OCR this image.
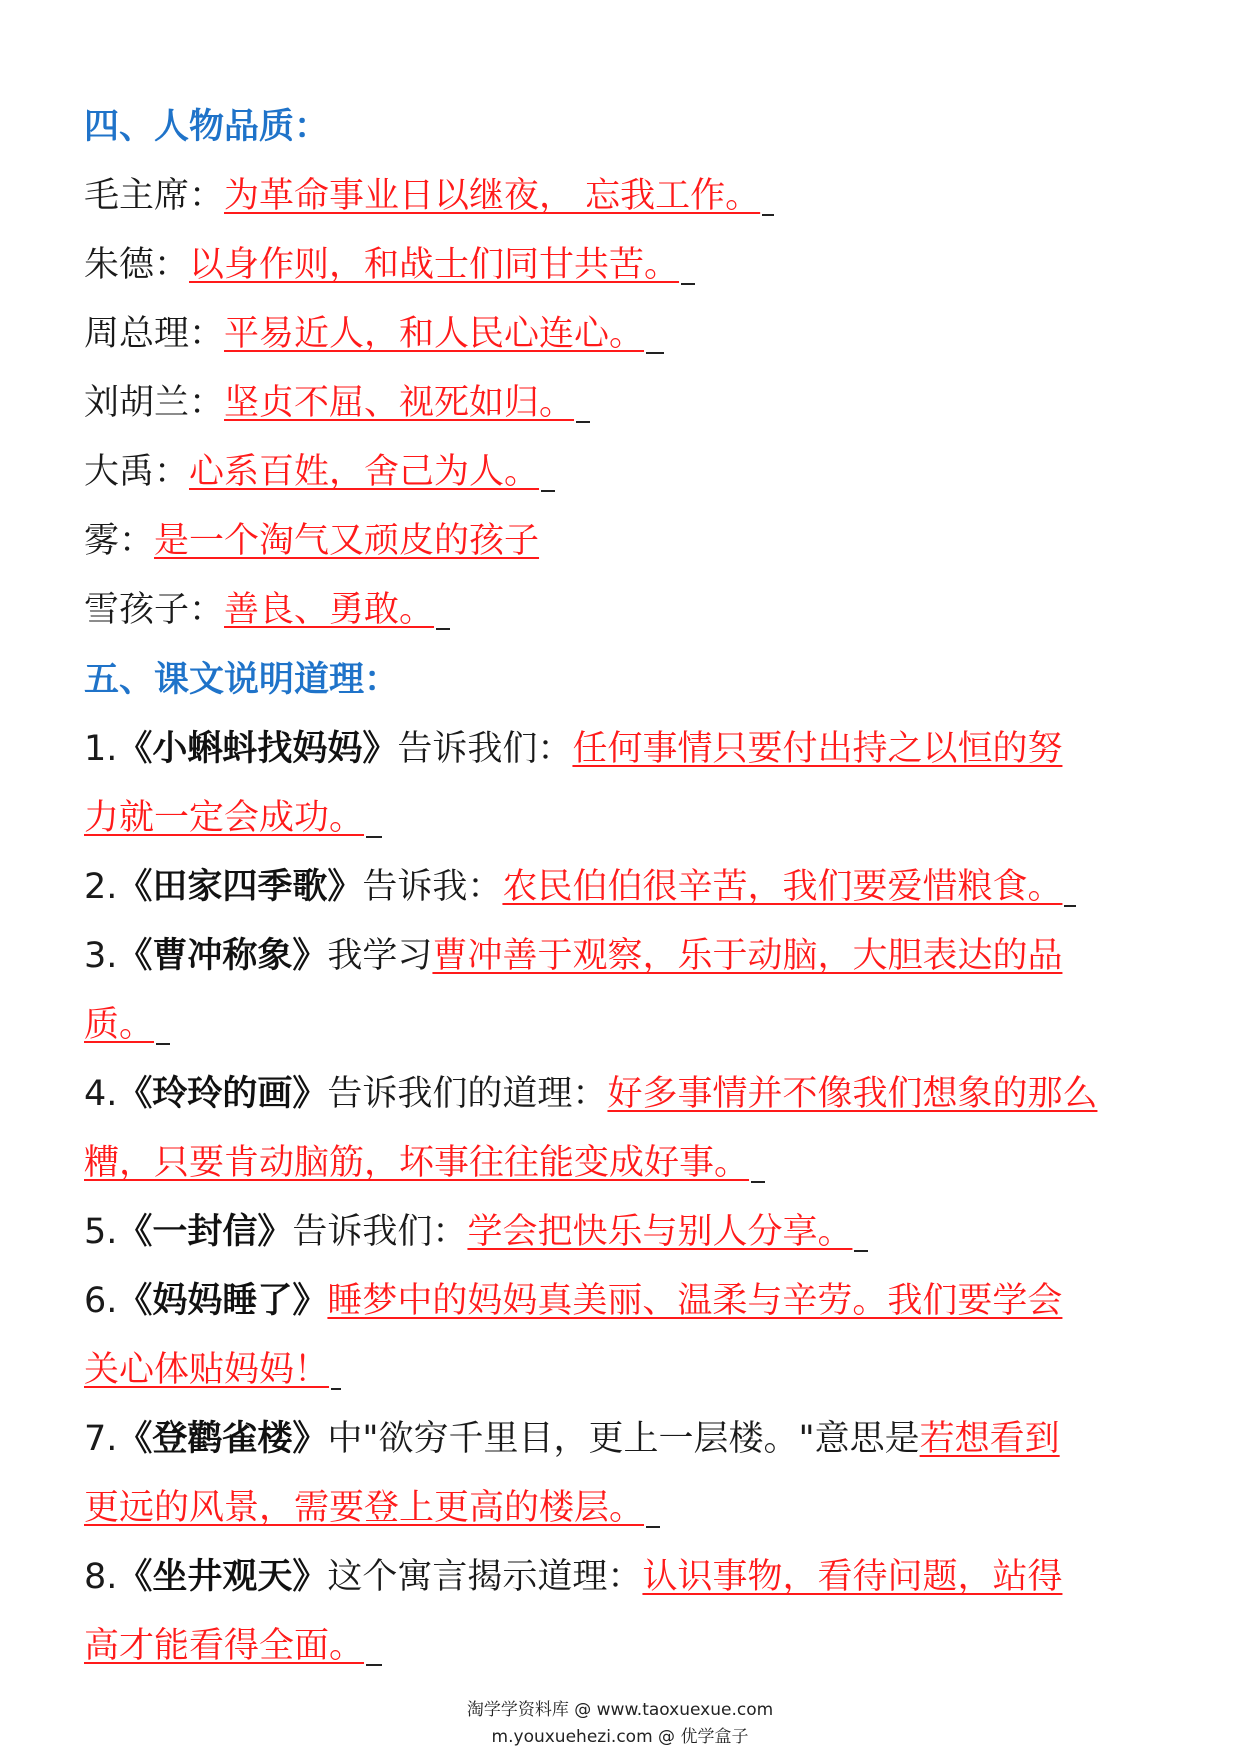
四、人物品质：
毛主席：为革命事业日以继夜， 忘我工作。
朱德：以身作则，和战士们同甘共苦。
周总理：平易近人，和人民心连心。
刘胡兰：坚贞不屈、视死如归。
大禹：心系百姓，舍己为人。
雾：是一个淘气又顽皮的孩子
雪孩子：善良、勇敢。
五、课文说明道理：
1.《小蝌蚪找妈妈》告诉我们：任何事情只要付出持之以恒的努
力就一定会成功。
2.《田家四季歌》告诉我：农民伯伯很辛苦，我们要爱惜粮食。
3.《曹冲称象》我学习曹冲善于观察，乐于动脑，大胆表达的品
质。
4.《玲玲的画》告诉我们的道理：好多事情并不像我们想象的那么
糟，只要肯动脑筋，坏事往往能变成好事。
5.《一封信》告诉我们：学会把快乐与别人分享。
6.《妈妈睡了》睡梦中的妈妈真美丽、温柔与辛劳。我们要学会
关心体贴妈妈！
7.《登鹳雀楼》中"欲穷千里目，更上一层楼。"意思是若想看到
更远的风景，需要登上更高的楼层。
8.《坐井观天》这个寓言揭示道理：认识事物，看待问题，站得
高才能看得全面。
淘学学资料库 @ www.taoxuexue.com
m.youxuehezi.com @ 优学盒子
